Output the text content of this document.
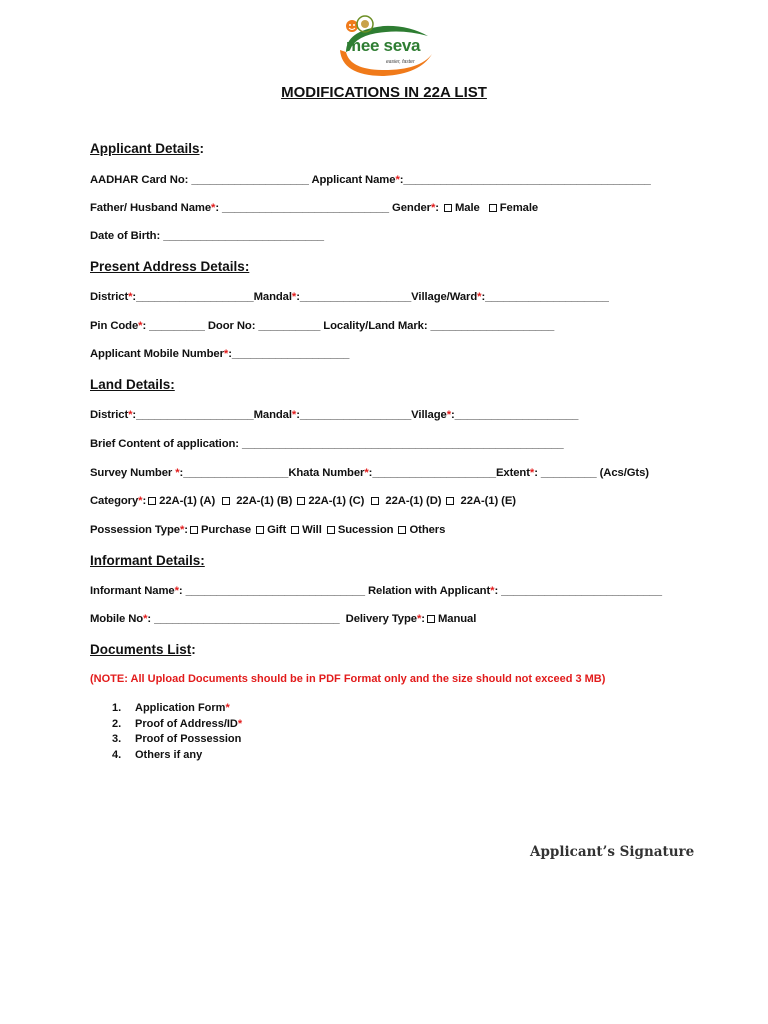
mee seva
easier, faster
MODIFICATIONS IN 22A LIST
Applicant Details:
AADHAR Card No: ___________________ Applicant Name*:________________________________________
Father/ Husband Name*: ___________________________ Gender*: Male Female
Date of Birth: __________________________
Present Address Details:
District*:___________________Mandal*:__________________Village/Ward*:____________________
Pin Code*: _________ Door No: __________ Locality/Land Mark: ____________________
Applicant Mobile Number*:___________________
Land Details:
District*:___________________Mandal*:__________________Village*:____________________
Brief Content of application: ____________________________________________________
Survey Number *:_________________Khata Number*:____________________Extent*: _________ (Acs/Gts)
Category*: 22A-(1) (A) 22A-(1) (B) 22A-(1) (C) 22A-(1) (D) 22A-(1) (E)
Possession Type*: Purchase Gift Will Sucession Others
Informant Details:
Informant Name*: _____________________________ Relation with Applicant*: __________________________
Mobile No*: ______________________________ Delivery Type*: Manual
Documents List:
(NOTE: All Upload Documents should be in PDF Format only and the size should not exceed 3 MB)
1. Application Form*
2. Proof of Address/ID*
3. Proof of Possession
4. Others if any
Applicant’s Signature
